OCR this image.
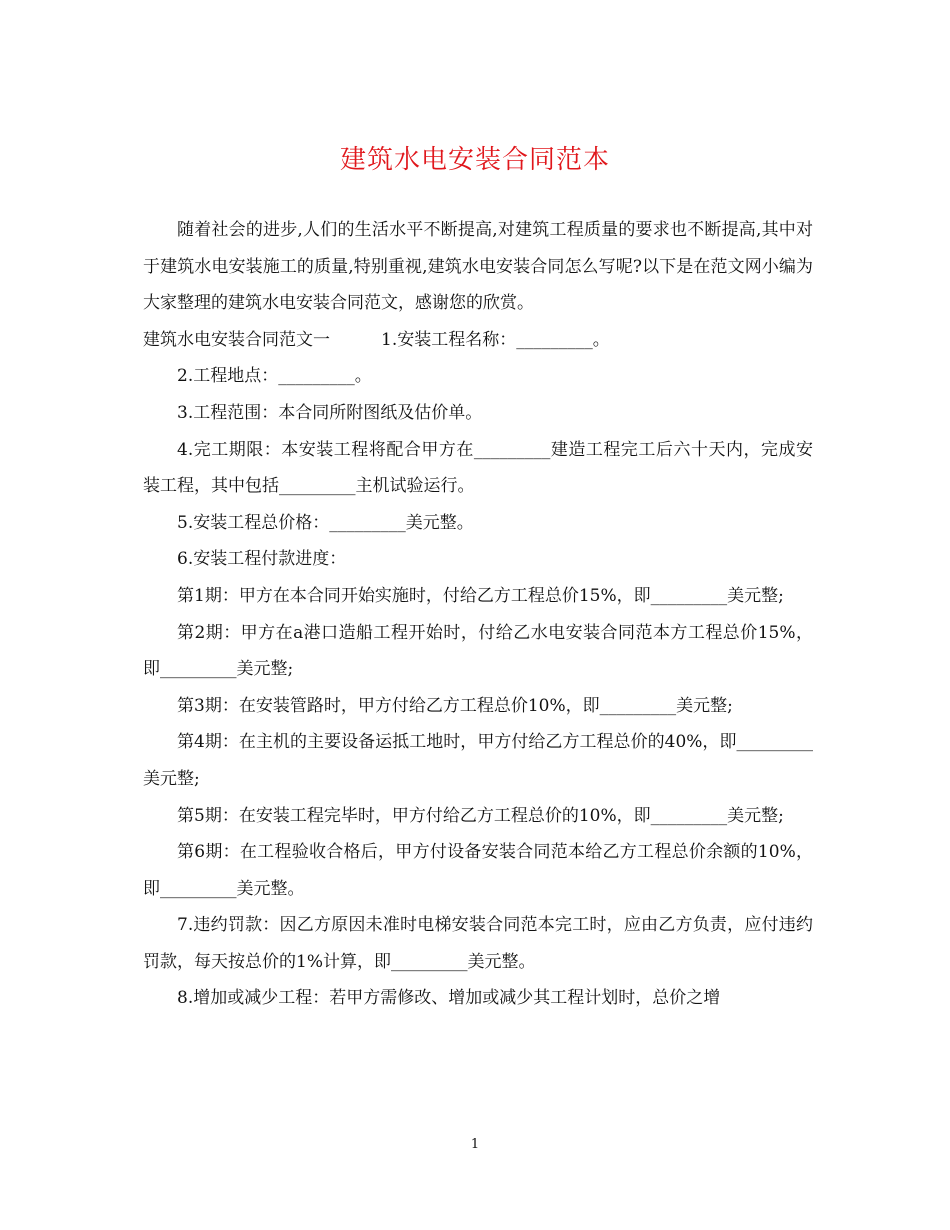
建筑水电安装合同范本

随着社会的进步,人们的生活水平不断提高,对建筑工程质量的要求也不断提高,其中对于建筑水电安装施工的质量,特别重视,建筑水电安装合同怎么写呢?以下是在范文网小编为大家整理的建筑水电安装合同范文，感谢您的欣赏。

建筑水电安装合同范文一　　　1.安装工程名称：_________。

2.工程地点：_________。

3.工程范围：本合同所附图纸及估价单。

4.完工期限：本安装工程将配合甲方在_________建造工程完工后六十天内，完成安装工程，其中包括_________主机试验运行。

5.安装工程总价格：_________美元整。

6.安装工程付款进度：

第1期：甲方在本合同开始实施时，付给乙方工程总价15%，即_________美元整;

第2期：甲方在a港口造船工程开始时，付给乙水电安装合同范本方工程总价15%，即_________美元整;

第3期：在安装管路时，甲方付给乙方工程总价10%，即_________美元整;

第4期：在主机的主要设备运抵工地时，甲方付给乙方工程总价的40%，即_________美元整;

第5期：在安装工程完毕时，甲方付给乙方工程总价的10%，即_________美元整;

第6期：在工程验收合格后，甲方付设备安装合同范本给乙方工程总价余额的10%，即_________美元整。

7.违约罚款：因乙方原因未准时电梯安装合同范本完工时，应由乙方负责，应付违约罚款，每天按总价的1%计算，即_________美元整。

8.增加或减少工程：若甲方需修改、增加或减少其工程计划时，总价之增

1
